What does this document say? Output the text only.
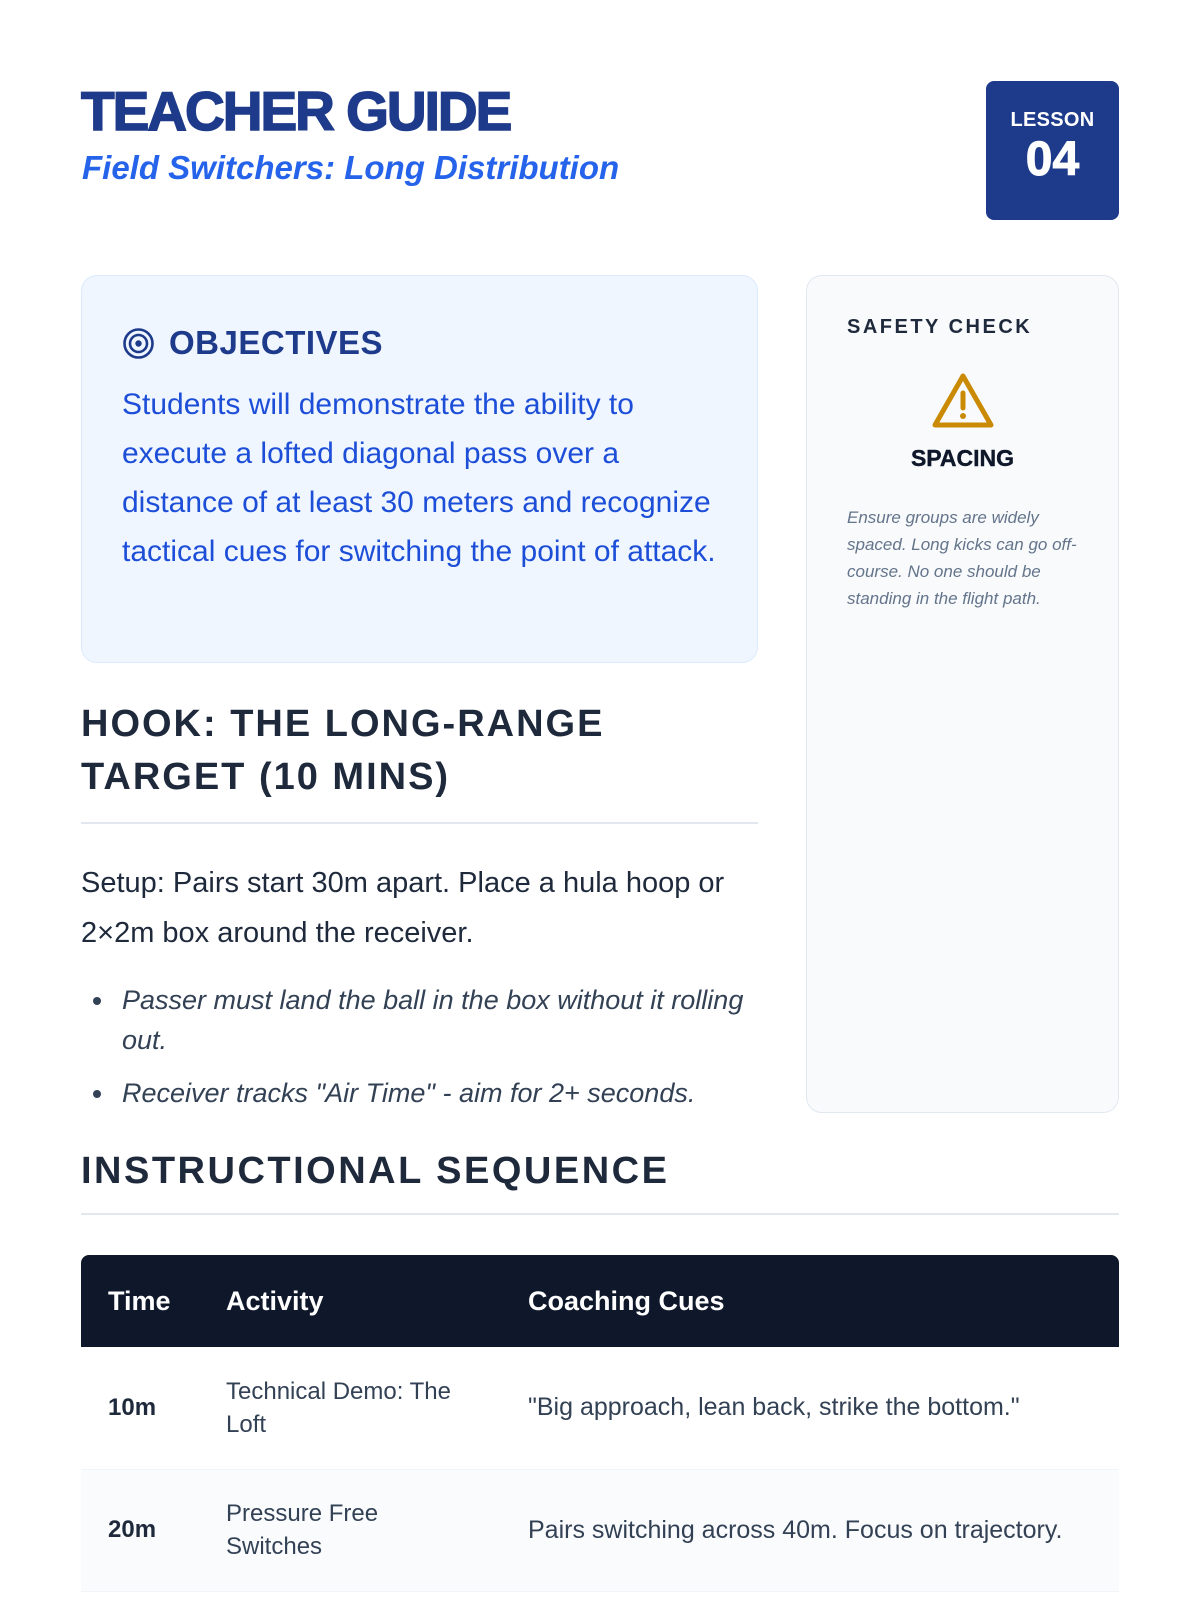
TEACHER GUIDE
Field Switchers: Long Distribution
LESSON
04
OBJECTIVES

Students will demonstrate the ability to execute a lofted diagonal pass over a distance of at least 30 meters and recognize tactical cues for switching the point of attack.

SAFETY CHECK
SPACING

Ensure groups are widely spaced. Long kicks can go off-course. No one should be standing in the flight path.

HOOK: THE LONG-RANGE TARGET (10 MINS)

Setup: Pairs start 30m apart. Place a hula hoop or 2×2m box around the receiver.

Passer must land the ball in the box without it rolling out.
Receiver tracks "Air Time" - aim for 2+ seconds.
INSTRUCTIONAL SEQUENCE
Time	Activity	Coaching Cues
10m	Technical Demo: The Loft	"Big approach, lean back, strike the bottom."
20m	Pressure Free Switches	Pairs switching across 40m. Focus on trajectory.
